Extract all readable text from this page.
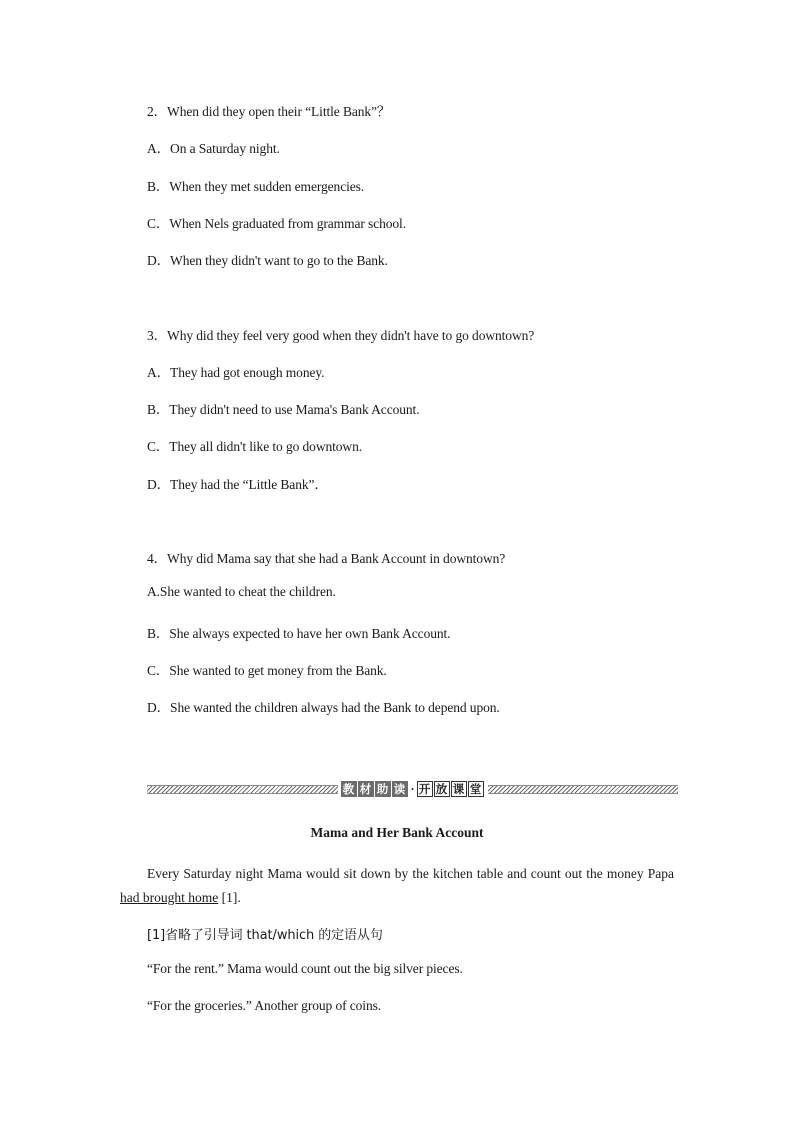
2．When did they open their “Little Bank”？
A．On a Saturday night.
B．When they met sudden emergencies.
C．When Nels graduated from grammar school.
D．When they didn't want to go to the Bank.
3．Why did they feel very good when they didn't have to go downtown?
A．They had got enough money.
B．They didn't need to use Mama's Bank Account.
C．They all didn't like to go downtown.
D．They had the “Little Bank”．
4．Why did Mama say that she had a Bank Account in downtown?
A.She wanted to cheat the children.
B．She always expected to have her own Bank Account.
C．She wanted to get money from the Bank.
D．She wanted the children always had the Bank to depend upon.
教 材 助 读 · 开 放 课 堂
Mama and Her Bank Account
Every Saturday night Mama would sit down by the kitchen table and count out the money Papa had brought home [1].
[1]省略了引导词 that/which 的定语从句
“For the rent.” Mama would count out the big silver pieces.
“For the groceries.” Another group of coins.
